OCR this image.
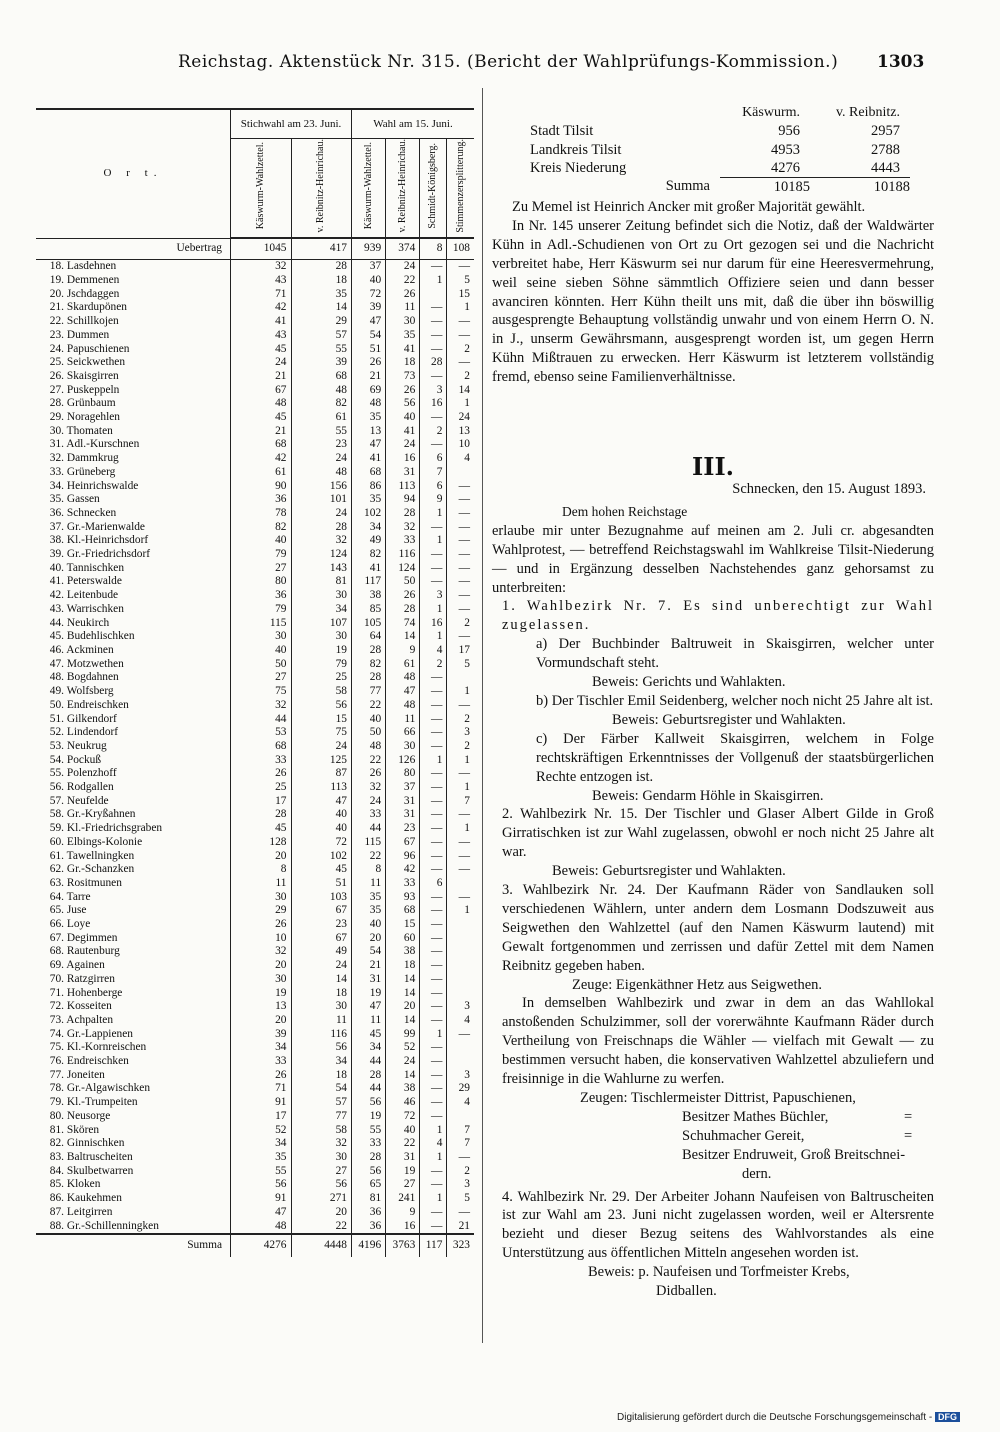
Reichstag. Aktenstück Nr. 315. (Bericht der Wahlprüfungs-Kommission.) 1303
O r t.	Stichwahl am 23. Juni.		Wahl am 15. Juni.			
	Käswurm-Wahlzettel.	v. Reibnitz-Heinrichau.	Käswurm-Wahlzettel.	v. Reibnitz-Heinrichau.	Schmidt-Königsberg.	Stimmenzersplitterung.

Uebertrag	1045	417	939	374	8	108
18. Lasdehnen	32	28	37	24	—	—
19. Demmenen	43	18	40	22	1	5
20. Jschdaggen	71	35	72	26		15
21. Skardupönen	42	14	39	11	—	1
22. Schillkojen	41	29	47	30	—	—
23. Dummen	43	57	54	35	—	—
24. Papuschienen	45	55	51	41	—	2
25. Seickwethen	24	39	26	18	28	—
26. Skaisgirren	21	68	21	73	—	2
27. Puskeppeln	67	48	69	26	3	14
28. Grünbaum	48	82	48	56	16	1
29. Noragehlen	45	61	35	40	—	24
30. Thomaten	21	55	13	41	2	13
31. Adl.-Kurschnen	68	23	47	24	—	10
32. Dammkrug	42	24	41	16	6	4
33. Grüneberg	61	48	68	31	7	
34. Heinrichswalde	90	156	86	113	6	—
35. Gassen	36	101	35	94	9	—
36. Schnecken	78	24	102	28	1	—
37. Gr.-Marienwalde	82	28	34	32	—	—
38. Kl.-Heinrichsdorf	40	32	49	33	1	—
39. Gr.-Friedrichsdorf	79	124	82	116	—	—
40. Tannischken	27	143	41	124	—	—
41. Peterswalde	80	81	117	50	—	—
42. Leitenbude	36	30	38	26	3	—
43. Warrischken	79	34	85	28	1	—
44. Neukirch	115	107	105	74	16	2
45. Budehlischken	30	30	64	14	1	—
46. Ackminen	40	19	28	9	4	17
47. Motzwethen	50	79	82	61	2	5
48. Bogdahnen	27	25	28	48	—	
49. Wolfsberg	75	58	77	47	—	1
50. Endreischken	32	56	22	48	—	—
51. Gilkendorf	44	15	40	11	—	2
52. Lindendorf	53	75	50	66	—	3
53. Neukrug	68	24	48	30	—	2
54. Pockuß	33	125	22	126	1	1
55. Polenzhoff	26	87	26	80	—	—
56. Rodgallen	25	113	32	37	—	1
57. Neufelde	17	47	24	31	—	7
58. Gr.-Kryßahnen	28	40	33	31	—	—
59. Kl.-Friedrichsgraben	45	40	44	23	—	1
60. Elbings-Kolonie	128	72	115	67	—	—
61. Tawellningken	20	102	22	96	—	—
62. Gr.-Schanzken	8	45	8	42	—	—
63. Rositmunen	11	51	11	33	6	
64. Tarre	30	103	35	93	—	—
65. Juse	29	67	35	68	—	1
66. Loye	26	23	40	15	—	
67. Degimmen	10	67	20	60	—	
68. Rautenburg	32	49	54	38	—	
69. Againen	20	24	21	18	—	
70. Ratzgirren	30	14	31	14	—	
71. Hohenberge	19	18	19	14	—	
72. Kosseiten	13	30	47	20	—	3
73. Achpalten	20	11	11	14	—	4
74. Gr.-Lappienen	39	116	45	99	1	—
75. Kl.-Kornreischen	34	56	34	52	—	
76. Endreischken	33	34	44	24	—	
77. Joneiten	26	18	28	14	—	3
78. Gr.-Algawischken	71	54	44	38	—	29
79. Kl.-Trumpeiten	91	57	56	46	—	4
80. Neusorge	17	77	19	72	—	
81. Skören	52	58	55	40	1	7
82. Ginnischken	34	32	33	22	4	7
83. Baltruscheiten	35	30	28	31	1	—
84. Skulbetwarren	55	27	56	19	—	2
85. Kloken	56	56	65	27	—	3
86. Kaukehmen	91	271	81	241	1	5
87. Leitgirren	47	20	36	9	—	—
88. Gr.-Schillenningken	48	22	36	16	—	21

Summa	4276	4448	4196	3763	117	323
Käswurm.	v. Reibnitz.
Stadt Tilsit	956	2957
Landkreis Tilsit	4953	2788
Kreis Niederung	4276	4443
Summa	10185	10188

Zu Memel ist Heinrich Ancker mit großer Majorität gewählt.

In Nr. 145 unserer Zeitung befindet sich die Notiz, daß der Waldwärter Kühn in Adl.-Schudienen von Ort zu Ort gezogen sei und die Nachricht verbreitet habe, Herr Käswurm sei nur darum für eine Heeresvermehrung, weil seine sieben Söhne sämmtlich Offiziere seien und dann besser avanciren könnten. Herr Kühn theilt uns mit, daß die über ihn böswillig ausgesprengte Behauptung vollständig unwahr und von einem Herrn O. N. in J., unserm Gewährsmann, ausgesprengt worden ist, um gegen Herrn Kühn Mißtrauen zu erwecken. Herr Käswurm ist letzterem vollständig fremd, ebenso seine Familienverhältnisse.

III.

Schnecken, den 15. August 1893.

Dem hohen Reichstage

erlaube mir unter Bezugnahme auf meinen am 2. Juli cr. abgesandten Wahlprotest, — betreffend Reichstagswahl im Wahlkreise Tilsit-Niederung — und in Ergänzung desselben Nachstehendes ganz gehorsamst zu unterbreiten:

1. Wahlbezirk Nr. 7. Es sind unberechtigt zur Wahl zugelassen.

a) Der Buchbinder Baltruweit in Skaisgirren, welcher unter Vormundschaft steht.

Beweis: Gerichts und Wahlakten.

b) Der Tischler Emil Seidenberg, welcher noch nicht 25 Jahre alt ist.

Beweis: Geburtsregister und Wahlakten.

c) Der Färber Kallweit Skaisgirren, welchem in Folge rechtskräftigen Erkenntnisses der Vollgenuß der staatsbürgerlichen Rechte entzogen ist.

Beweis: Gendarm Höhle in Skaisgirren.

2. Wahlbezirk Nr. 15. Der Tischler und Glaser Albert Gilde in Groß Girratischken ist zur Wahl zugelassen, obwohl er noch nicht 25 Jahre alt war.

Beweis: Geburtsregister und Wahlakten.

3. Wahlbezirk Nr. 24. Der Kaufmann Räder von Sandlauken soll verschiedenen Wählern, unter andern dem Losmann Dodszuweit aus Seigwethen den Wahlzettel (auf den Namen Käswurm lautend) mit Gewalt fortgenommen und zerrissen und dafür Zettel mit dem Namen Reibnitz gegeben haben.

Zeuge: Eigenkäthner Hetz aus Seigwethen.

In demselben Wahlbezirk und zwar in dem an das Wahllokal anstoßenden Schulzimmer, soll der vorerwähnte Kaufmann Räder durch Vertheilung von Freischnaps die Wähler — vielfach mit Gewalt — zu bestimmen versucht haben, die konservativen Wahlzettel abzuliefern und freisinnige in die Wahlurne zu werfen.

Zeugen: Tischlermeister Dittrist, Papuschienen,

Besitzer Mathes Büchler,	=

Schuhmacher Gereit,	=

Besitzer Endruweit, Groß Breitschnei-

dern.

4. Wahlbezirk Nr. 29. Der Arbeiter Johann Naufeisen von Baltruscheiten ist zur Wahl am 23. Juni nicht zugelassen worden, weil er Altersrente bezieht und dieser Bezug seitens des Wahlvorstandes als eine Unterstützung aus öffentlichen Mitteln angesehen worden ist.

Beweis: p. Naufeisen und Torfmeister Krebs,

Didballen.

Digitalisierung gefördert durch die Deutsche Forschungsgemeinschaft - DFG
